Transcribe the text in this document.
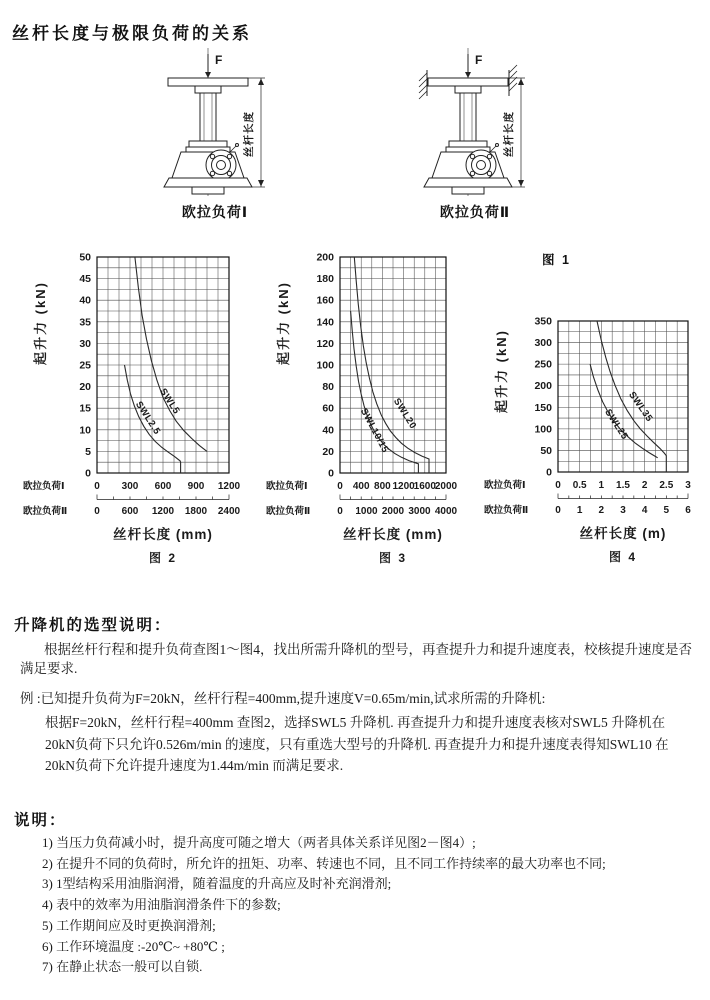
丝杆长度与极限负荷的关系
F
丝杆长度
欧拉负荷Ⅰ
F
丝杆长度
欧拉负荷Ⅱ
图 1
0
5
10
15
20
25
30
35
40
45
50
起升力 (kN)
SWL5
SWL2.5
欧拉负荷Ⅰ	0 300 600 900 1200
欧拉负荷Ⅱ	0 600 1200 1800 2400
丝杆长度 (mm)
图 2
0
20
40
60
80
100
120
140
160
180
200
起升力 (kN)
SWL20
SWL10/15
欧拉负荷Ⅰ	0 400 800 1200
1600
2000
欧拉负荷Ⅱ	0 1000 2000 3000 4000
丝杆长度 (mm)
图 3
0
50
100
150
200
250
300
350
起升力 (kN)	SWL35
SWL25
欧拉负荷Ⅰ	0 0.5 1 1.5 2 2.5 3
欧拉负荷Ⅱ	0 1 2 3 4 5 6
丝杆长度 (m)
图 4
升降机的选型说明：

根据丝杆行程和提升负荷查图1～图4，找出所需升降机的型号，再查提升力和提升速度表，校核提升速度是否满足要求.

例 :已知提升负荷为F=20kN，丝杆行程=400mm,提升速度V=0.65m/min,试求所需的升降机:

根据F=20kN，丝杆行程=400mm 查图2，选择SWL5 升降机. 再查提升力和提升速度表核对SWL5 升降机在20kN负荷下只允许0.526m/min 的速度，只有重选大型号的升降机. 再查提升力和提升速度表得知SWL10 在20kN负荷下允许提升速度为1.44m/min 而满足要求.

说明：
1) 当压力负荷减小时，提升高度可随之增大（两者具体关系详见图2－图4）;
2) 在提升不同的负荷时，所允许的扭矩、功率、转速也不同，且不同工作持续率的最大功率也不同;
3) 1型结构采用油脂润滑，随着温度的升高应及时补充润滑剂;
4) 表中的效率为用油脂润滑条件下的参数;
5) 工作期间应及时更换润滑剂;
6) 工作环境温度 :-20℃~ +80℃ ;
7) 在静止状态一般可以自锁.
